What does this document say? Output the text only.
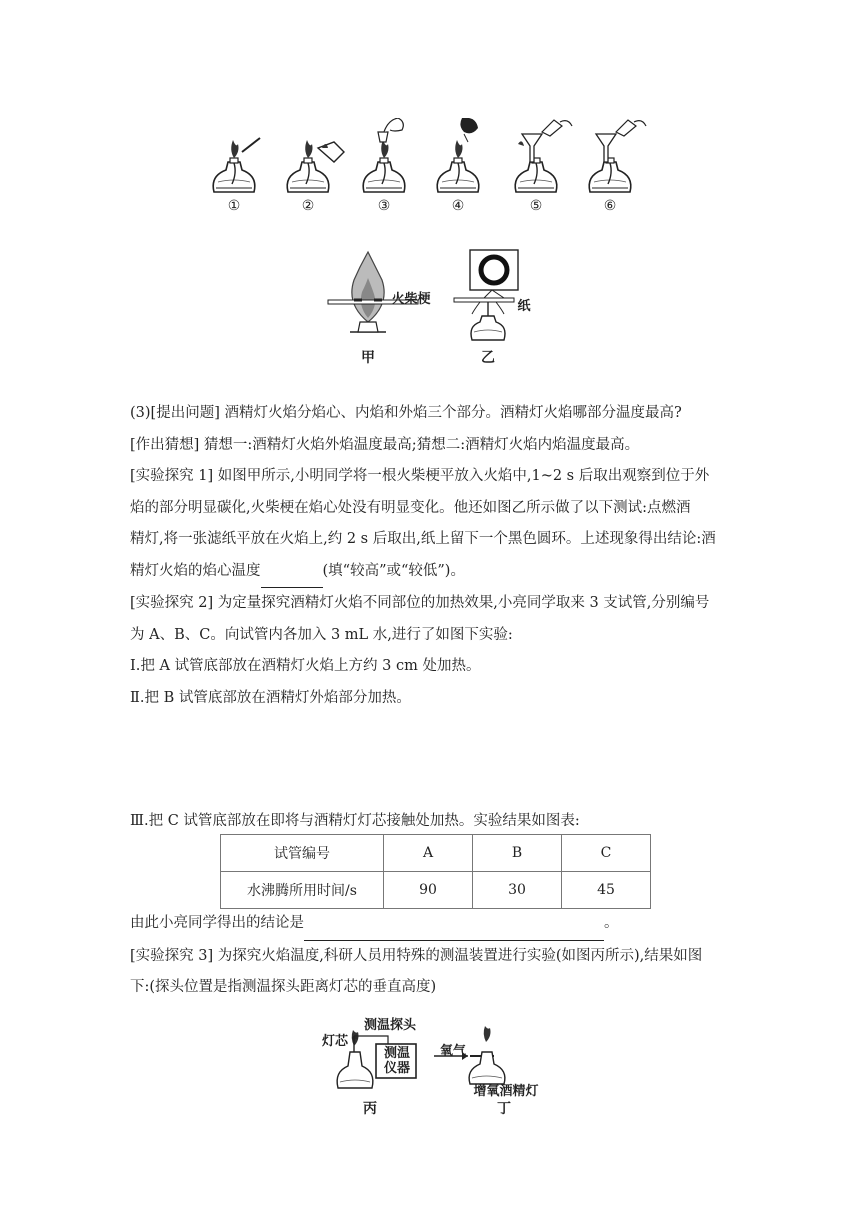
①	②	③	④	⑤	⑥
火柴梗	纸
甲	乙

(3)[提出问题] 酒精灯火焰分焰心、内焰和外焰三个部分。酒精灯火焰哪部分温度最高?

[作出猜想] 猜想一:酒精灯火焰外焰温度最高;猜想二:酒精灯火焰内焰温度最高。

[实验探究 1] 如图甲所示,小明同学将一根火柴梗平放入火焰中,1~2 s 后取出观察到位于外

焰的部分明显碳化,火柴梗在焰心处没有明显变化。他还如图乙所示做了以下测试:点燃酒

精灯,将一张滤纸平放在火焰上,约 2 s 后取出,纸上留下一个黑色圆环。上述现象得出结论:酒

精灯火焰的焰心温度	(填“较高”或“较低”)。

[实验探究 2] 为定量探究酒精灯火焰不同部位的加热效果,小亮同学取来 3 支试管,分别编号

为 A、B、C。向试管内各加入 3 mL 水,进行了如图下实验:

Ⅰ.把 A 试管底部放在酒精灯火焰上方约 3 cm 处加热。

Ⅱ.把 B 试管底部放在酒精灯外焰部分加热。

Ⅲ.把 C 试管底部放在即将与酒精灯灯芯接触处加热。实验结果如图表:

试管编号	A	B	C
水沸腾所用时间/s	90	30	45

由此小亮同学得出的结论是	。

[实验探究 3] 为探究火焰温度,科研人员用特殊的测温装置进行实验(如图丙所示),结果如图

下:(探头位置是指测温探头距离灯芯的垂直高度)

灯芯
测温探头
测温仪器
氧气
增氧酒精灯
丙	丁
